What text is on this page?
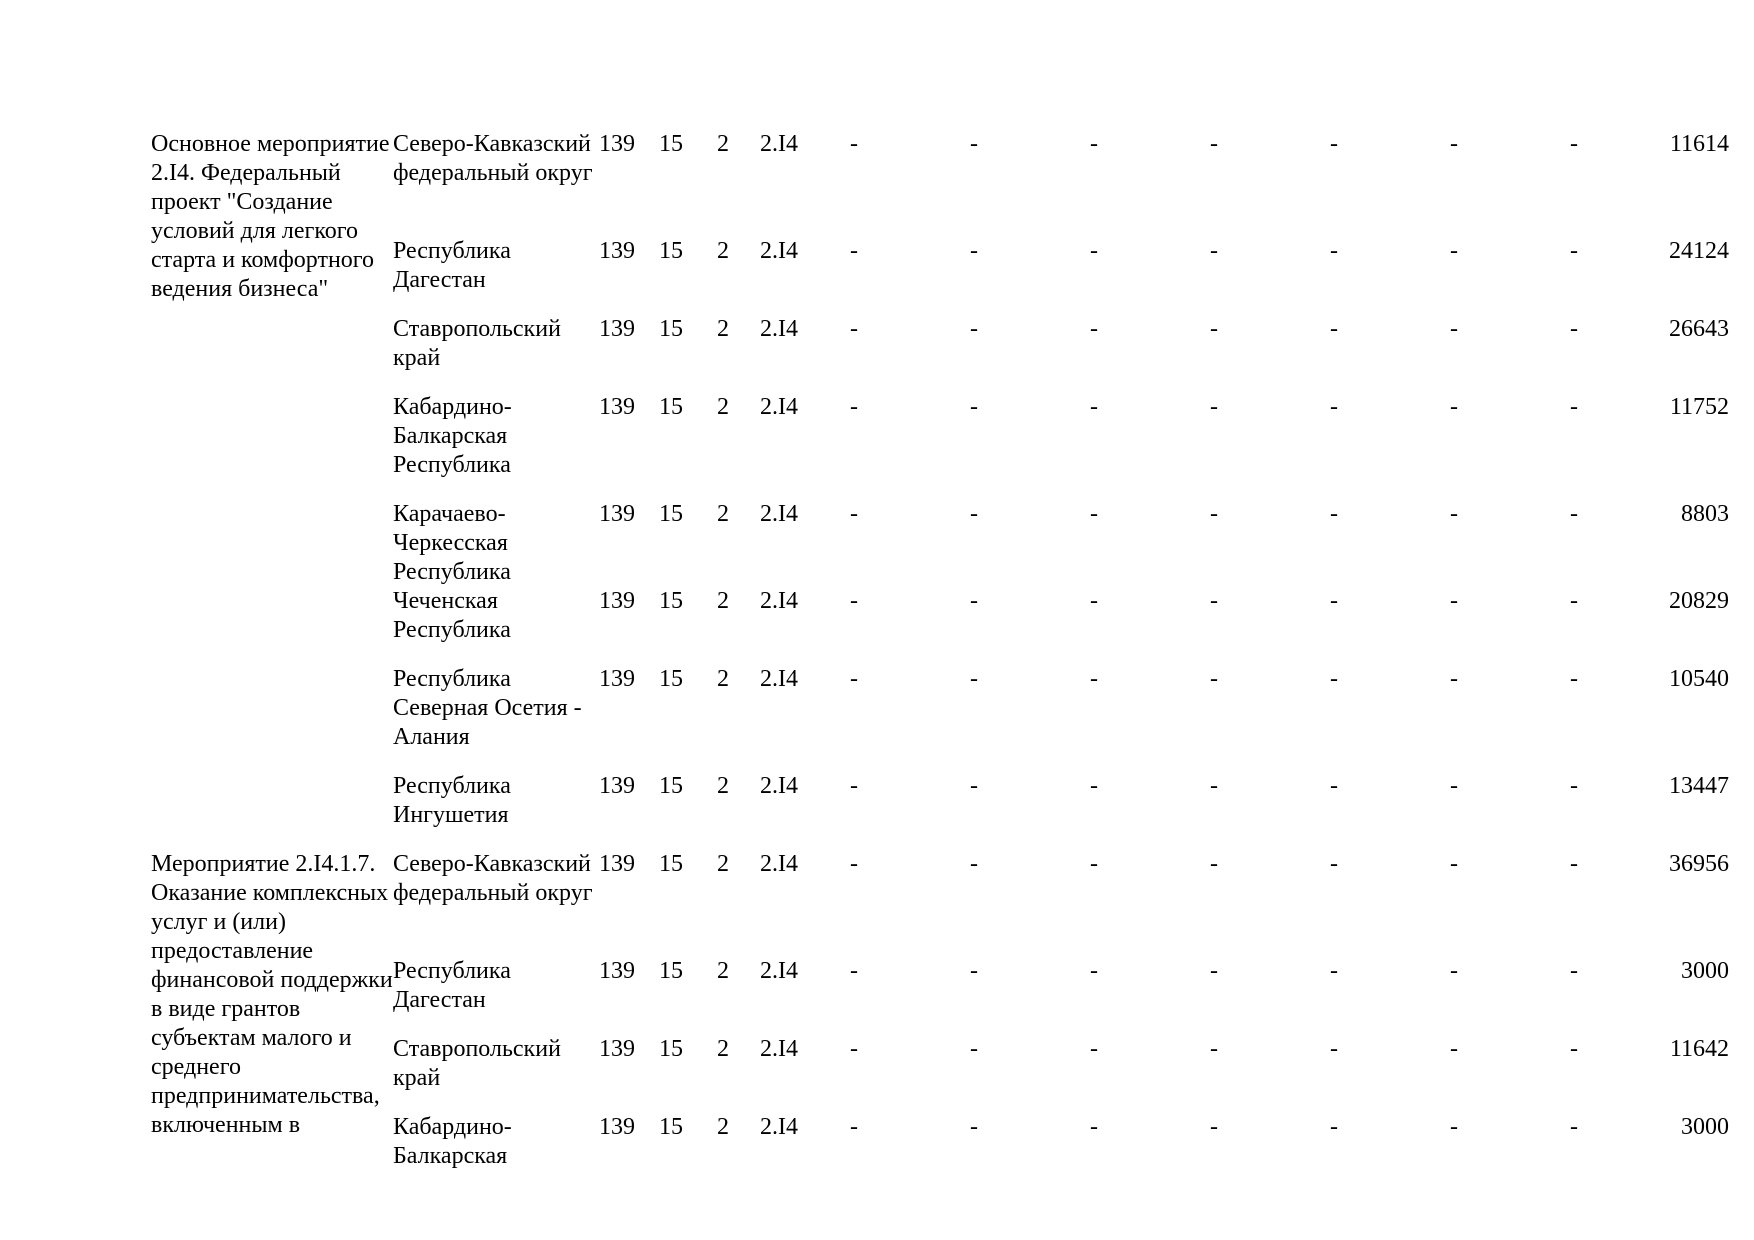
Основное мероприятие 2.I4. Федеральный проект "Создание условий для легкого старта и комфортного ведения бизнеса"	Северо-Кавказский федеральный округ	139	15	2	2.I4	-	-	-	-	-	-	-	11614
	Республика Дагестан	139	15	2	2.I4	-	-	-	-	-	-	-	24124
	Ставропольский край	139	15	2	2.I4	-	-	-	-	-	-	-	26643
	Кабардино-Балкарская Республика	139	15	2	2.I4	-	-	-	-	-	-	-	11752
	Карачаево-Черкесская Республика	139	15	2	2.I4	-	-	-	-	-	-	-	8803
	Чеченская Республика	139	15	2	2.I4	-	-	-	-	-	-	-	20829
	Республика Северная Осетия - Алания	139	15	2	2.I4	-	-	-	-	-	-	-	10540
	Республика Ингушетия	139	15	2	2.I4	-	-	-	-	-	-	-	13447

Мероприятие 2.I4.1.7. Оказание комплексных услуг и (или) предоставление финансовой поддержки в виде грантов субъектам малого и среднего предпринимательства, включенным в	Северо-Кавказский федеральный округ	139	15	2	2.I4	-	-	-	-	-	-	-	36956
	Республика Дагестан	139	15	2	2.I4	-	-	-	-	-	-	-	3000
	Ставропольский край	139	15	2	2.I4	-	-	-	-	-	-	-	11642
	Кабардино-Балкарская	139	15	2	2.I4	-	-	-	-	-	-	-	3000
